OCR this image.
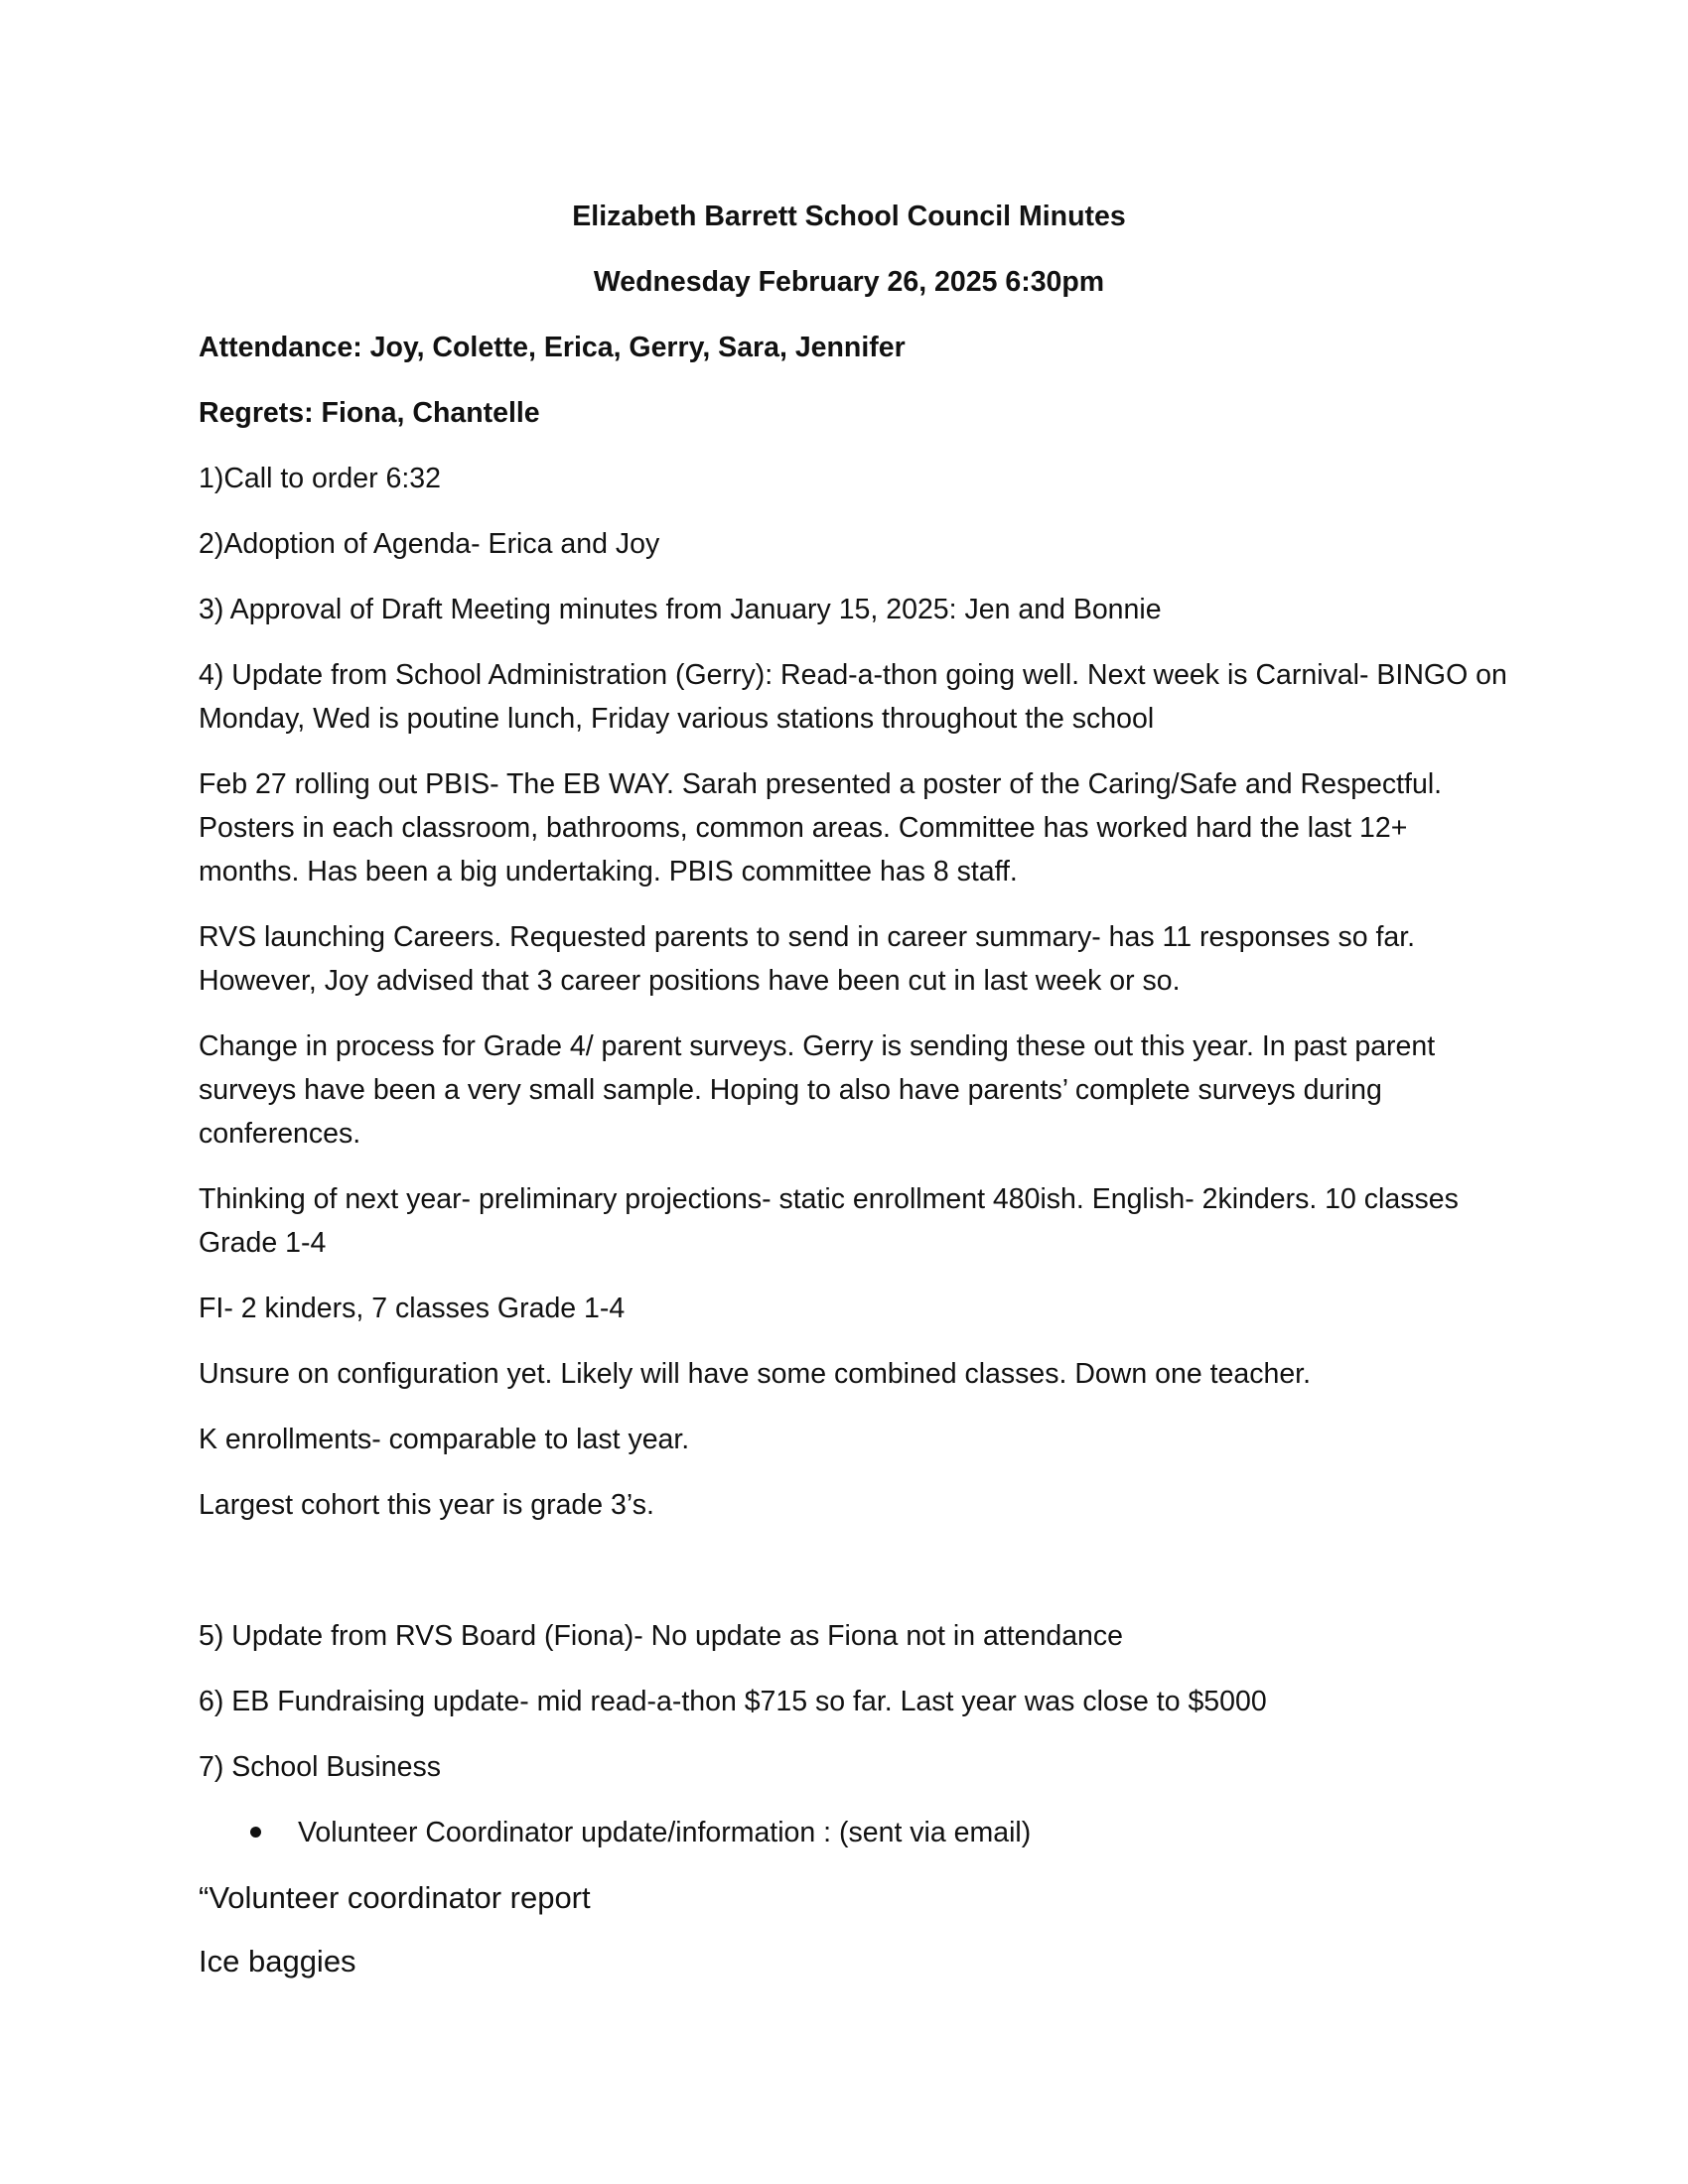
Elizabeth Barrett School Council Minutes
Wednesday February 26, 2025 6:30pm

Attendance: Joy, Colette, Erica, Gerry, Sara, Jennifer

Regrets: Fiona, Chantelle

1)Call to order 6:32

2)Adoption of Agenda- Erica and Joy

3) Approval of Draft Meeting minutes from January 15, 2025: Jen and Bonnie

4) Update from School Administration (Gerry): Read-a-thon going well. Next week is Carnival- BINGO on Monday, Wed is poutine lunch, Friday various stations throughout the school

Feb 27 rolling out PBIS- The EB WAY. Sarah presented a poster of the Caring/Safe and Respectful. Posters in each classroom, bathrooms, common areas. Committee has worked hard the last 12+ months. Has been a big undertaking. PBIS committee has 8 staff.

RVS launching Careers. Requested parents to send in career summary- has 11 responses so far. However, Joy advised that 3 career positions have been cut in last week or so.

Change in process for Grade 4/ parent surveys. Gerry is sending these out this year. In past parent surveys have been a very small sample. Hoping to also have parents’ complete surveys during conferences.

Thinking of next year- preliminary projections- static enrollment 480ish. English- 2kinders. 10 classes Grade 1-4

FI- 2 kinders, 7 classes Grade 1-4

Unsure on configuration yet. Likely will have some combined classes. Down one teacher.

K enrollments- comparable to last year.

Largest cohort this year is grade 3’s.

5) Update from RVS Board (Fiona)- No update as Fiona not in attendance

6) EB Fundraising update- mid read-a-thon $715 so far. Last year was close to $5000

7) School Business

Volunteer Coordinator update/information : (sent via email)

“Volunteer coordinator report

Ice baggies
